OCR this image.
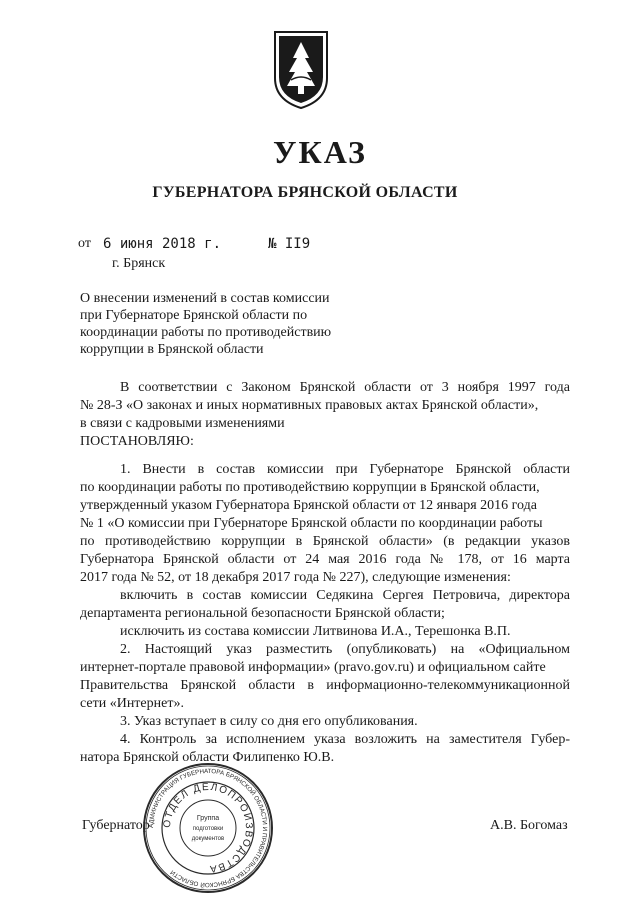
УКАЗ
ГУБЕРНАТОРА БРЯНСКОЙ ОБЛАСТИ
от 6 июня 2018 г.	№ II9
г. Брянск
О внесении изменений в состав комиссии
при Губернаторе Брянской области по
координации работы по противодействию
коррупции в Брянской области
В соответствии с Законом Брянской области от 3 ноября 1997 года
№ 28-З «О законах и иных нормативных правовых актах Брянской области»,
в связи с кадровыми изменениями
ПОСТАНОВЛЯЮ:
1. Внести в состав комиссии при Губернаторе Брянской области
по координации работы по противодействию коррупции в Брянской области,
утвержденный указом Губернатора Брянской области от 12 января 2016 года
№ 1 «О комиссии при Губернаторе Брянской области по координации работы
по противодействию коррупции в Брянской области» (в редакции указов
Губернатора Брянской области от 24 мая 2016 года № 178, от 16 марта
2017 года № 52, от 18 декабря 2017 года № 227), следующие изменения:
включить в состав комиссии Седякина Сергея Петровича, директора
департамента региональной безопасности Брянской области;
исключить из состава комиссии Литвинова И.А., Терешонка В.П.
2. Настоящий указ разместить (опубликовать) на «Официальном
интернет-портале правовой информации» (pravo.gov.ru) и официальном сайте
Правительства Брянской области в информационно-телекоммуникационной
сети «Интернет».
3. Указ вступает в силу со дня его опубликования.
4. Контроль за исполнением указа возложить на заместителя Губер-
натора Брянской области Филипенко Ю.В.
Губернатор	А.В. Богомаз
АДМИНИСТРАЦИЯ ГУБЕРНАТОРА БРЯНСКОЙ ОБЛАСТИ И ПРАВИТЕЛЬСТВА БРЯНСКОЙ ОБЛАСТИ
ОТДЕЛ ДЕЛОПРОИЗВОДСТВА
Группа
подготовки
документов
